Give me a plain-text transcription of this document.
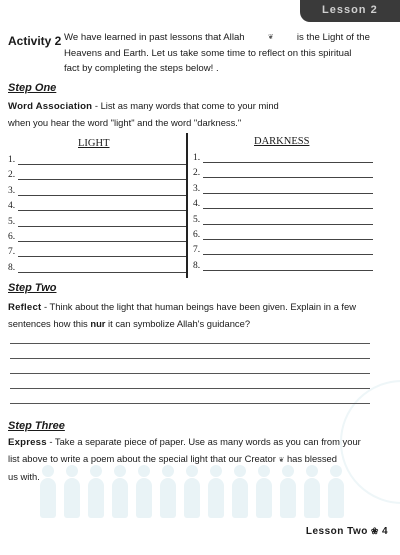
Lesson 2
Activity 2 We have learned in past lessons that Allah	❦ is the Light of the
Heavens and Earth. Let us take some time to reflect on this spiritual
fact by completing the steps below! .
Step One
Word Association - List as many words that come to your mind
when you hear the word "light" and the word "darkness."
LIGHT	DARKNESS
1.
2.
3.
4.
5.
6.
7.
8.
1.
2.
3.
4.
5.
6.
7.
8.
Step Two
Reflect - Think about the light that human beings have been given. Explain in a few
sentences how this nur it can symbolize Allah's guidance?
Step Three
Express - Take a separate piece of paper. Use as many words as you can from your
list above to write a poem about the special light that our Creator ❦ has blessed
us with.
Lesson Two ❀ 4
